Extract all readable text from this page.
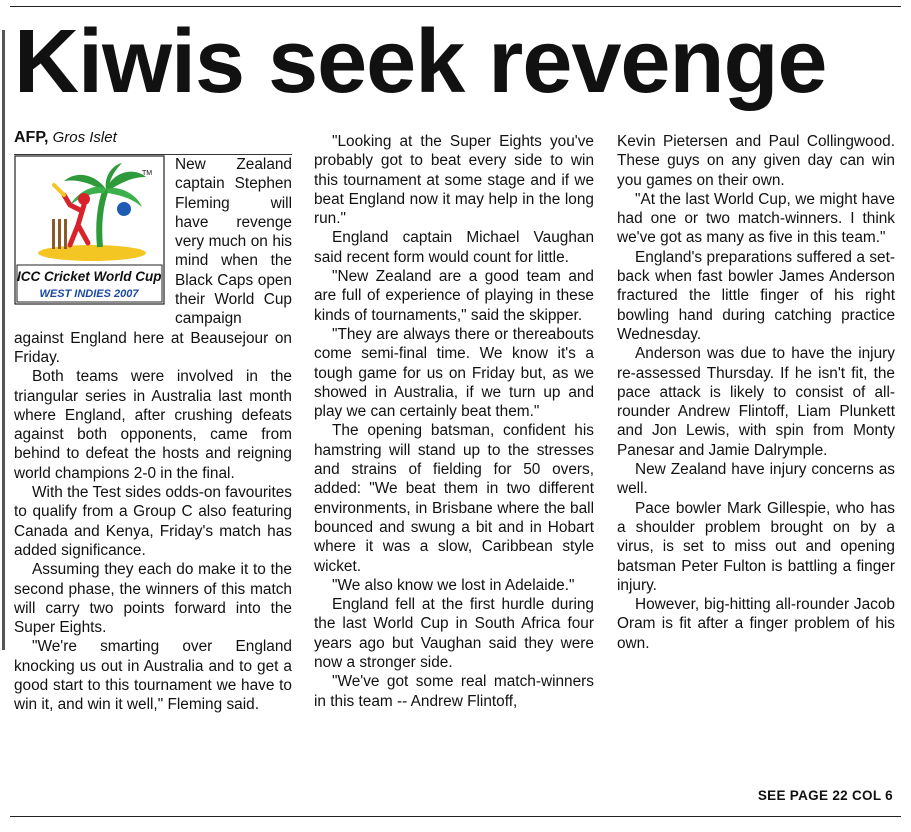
Kiwis seek revenge

AFP, Gros Islet

TM
ICC Cricket World Cup
WEST INDIES 2007

New Zealand captain Stephen Fleming will have revenge very much on his mind when the Black Caps open their World Cup campaign against England here at Beausejour on Friday.

Both teams were involved in the triangular series in Australia last month where England, after crushing defeats against both opponents, came from behind to defeat the hosts and reigning world champions 2-0 in the final.

With the Test sides odds-on favourites to qualify from a Group C also featuring Canada and Kenya, Friday's match has added significance.

Assuming they each do make it to the second phase, the winners of this match will carry two points forward into the Super Eights.

"We're smarting over England knocking us out in Australia and to get a good start to this tournament we have to win it, and win it well," Fleming said.

"Looking at the Super Eights you've probably got to beat every side to win this tournament at some stage and if we beat England now it may help in the long run."

England captain Michael Vaughan said recent form would count for little.

"New Zealand are a good team and are full of experience of playing in these kinds of tournaments," said the skipper.

"They are always there or thereabouts come semi-final time. We know it's a tough game for us on Friday but, as we showed in Australia, if we turn up and play we can certainly beat them."

The opening batsman, confident his hamstring will stand up to the stresses and strains of fielding for 50 overs, added: "We beat them in two different environments, in Brisbane where the ball bounced and swung a bit and in Hobart where it was a slow, Caribbean style wicket.

"We also know we lost in Adelaide."

England fell at the first hurdle during the last World Cup in South Africa four years ago but Vaughan said they were now a stronger side.

"We've got some real match-winners in this team -- Andrew Flintoff,

Kevin Pietersen and Paul Collingwood. These guys on any given day can win you games on their own.

"At the last World Cup, we might have had one or two match-winners. I think we've got as many as five in this team."

England's preparations suffered a set-back when fast bowler James Anderson fractured the little finger of his right bowling hand during catching practice Wednesday.

Anderson was due to have the injury re-assessed Thursday. If he isn't fit, the pace attack is likely to consist of all-rounder Andrew Flintoff, Liam Plunkett and Jon Lewis, with spin from Monty Panesar and Jamie Dalrymple.

New Zealand have injury concerns as well.

Pace bowler Mark Gillespie, who has a shoulder problem brought on by a virus, is set to miss out and opening batsman Peter Fulton is battling a finger injury.

However, big-hitting all-rounder Jacob Oram is fit after a finger problem of his own.

SEE PAGE 22 COL 6
